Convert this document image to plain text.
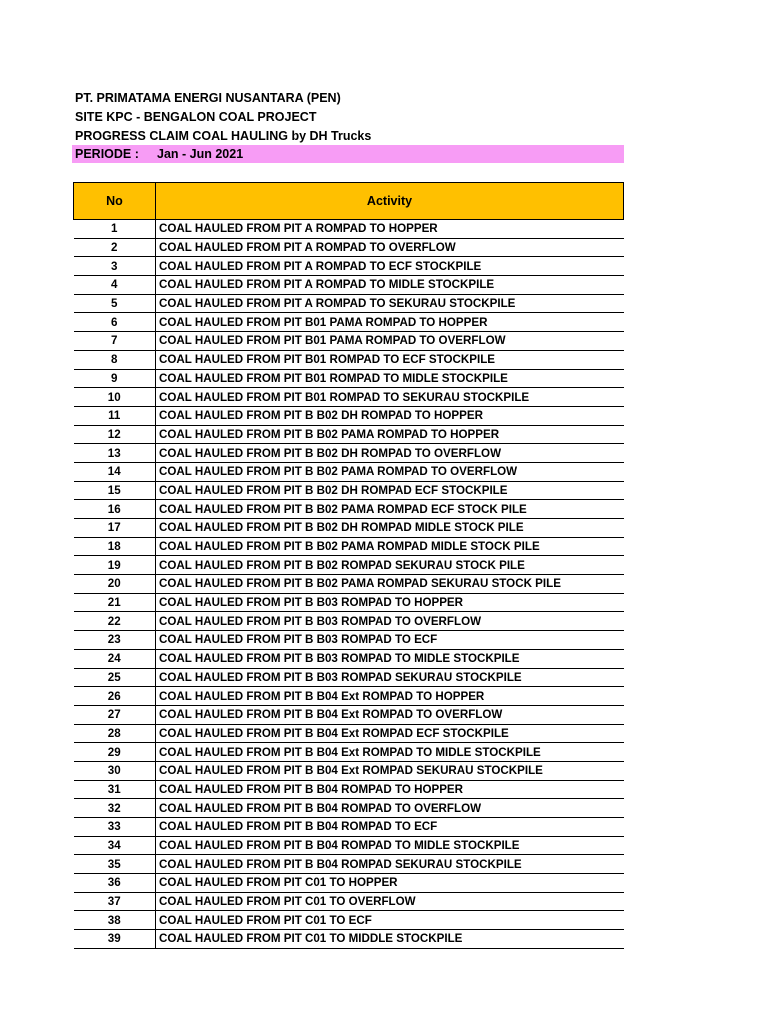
PT. PRIMATAMA ENERGI NUSANTARA (PEN)
SITE KPC - BENGALON COAL PROJECT
PROGRESS CLAIM COAL HAULING by DH Trucks
PERIODE : Jan - Jun 2021
No	Activity
1	COAL HAULED FROM PIT A ROMPAD TO HOPPER
2	COAL HAULED FROM PIT A ROMPAD TO OVERFLOW
3	COAL HAULED FROM PIT A ROMPAD TO ECF STOCKPILE
4	COAL HAULED FROM PIT A ROMPAD TO MIDLE STOCKPILE
5	COAL HAULED FROM PIT A ROMPAD TO SEKURAU STOCKPILE
6	COAL HAULED FROM PIT B01 PAMA ROMPAD TO HOPPER
7	COAL HAULED FROM PIT B01 PAMA ROMPAD TO OVERFLOW
8	COAL HAULED FROM PIT B01 ROMPAD TO ECF STOCKPILE
9	COAL HAULED FROM PIT B01 ROMPAD TO MIDLE STOCKPILE
10	COAL HAULED FROM PIT B01 ROMPAD TO SEKURAU STOCKPILE
11	COAL HAULED FROM PIT B B02 DH ROMPAD TO HOPPER
12	COAL HAULED FROM PIT B B02 PAMA ROMPAD TO HOPPER
13	COAL HAULED FROM PIT B B02 DH ROMPAD TO OVERFLOW
14	COAL HAULED FROM PIT B B02 PAMA ROMPAD TO OVERFLOW
15	COAL HAULED FROM PIT B B02 DH ROMPAD ECF STOCKPILE
16	COAL HAULED FROM PIT B B02 PAMA ROMPAD ECF STOCK PILE
17	COAL HAULED FROM PIT B B02 DH ROMPAD MIDLE STOCK PILE
18	COAL HAULED FROM PIT B B02 PAMA ROMPAD MIDLE STOCK PILE
19	COAL HAULED FROM PIT B B02 ROMPAD SEKURAU STOCK PILE
20	COAL HAULED FROM PIT B B02 PAMA ROMPAD SEKURAU STOCK PILE
21	COAL HAULED FROM PIT B B03 ROMPAD TO HOPPER
22	COAL HAULED FROM PIT B B03 ROMPAD TO OVERFLOW
23	COAL HAULED FROM PIT B B03 ROMPAD TO ECF
24	COAL HAULED FROM PIT B B03 ROMPAD TO MIDLE STOCKPILE
25	COAL HAULED FROM PIT B B03 ROMPAD SEKURAU STOCKPILE
26	COAL HAULED FROM PIT B B04 Ext ROMPAD TO HOPPER
27	COAL HAULED FROM PIT B B04 Ext ROMPAD TO OVERFLOW
28	COAL HAULED FROM PIT B B04 Ext ROMPAD ECF STOCKPILE
29	COAL HAULED FROM PIT B B04 Ext ROMPAD TO MIDLE STOCKPILE
30	COAL HAULED FROM PIT B B04 Ext ROMPAD SEKURAU STOCKPILE
31	COAL HAULED FROM PIT B B04 ROMPAD TO HOPPER
32	COAL HAULED FROM PIT B B04 ROMPAD TO OVERFLOW
33	COAL HAULED FROM PIT B B04 ROMPAD TO ECF
34	COAL HAULED FROM PIT B B04 ROMPAD TO MIDLE STOCKPILE
35	COAL HAULED FROM PIT B B04 ROMPAD SEKURAU STOCKPILE
36	COAL HAULED FROM PIT C01 TO HOPPER
37	COAL HAULED FROM PIT C01 TO OVERFLOW
38	COAL HAULED FROM PIT C01 TO ECF
39	COAL HAULED FROM PIT C01 TO MIDDLE STOCKPILE
